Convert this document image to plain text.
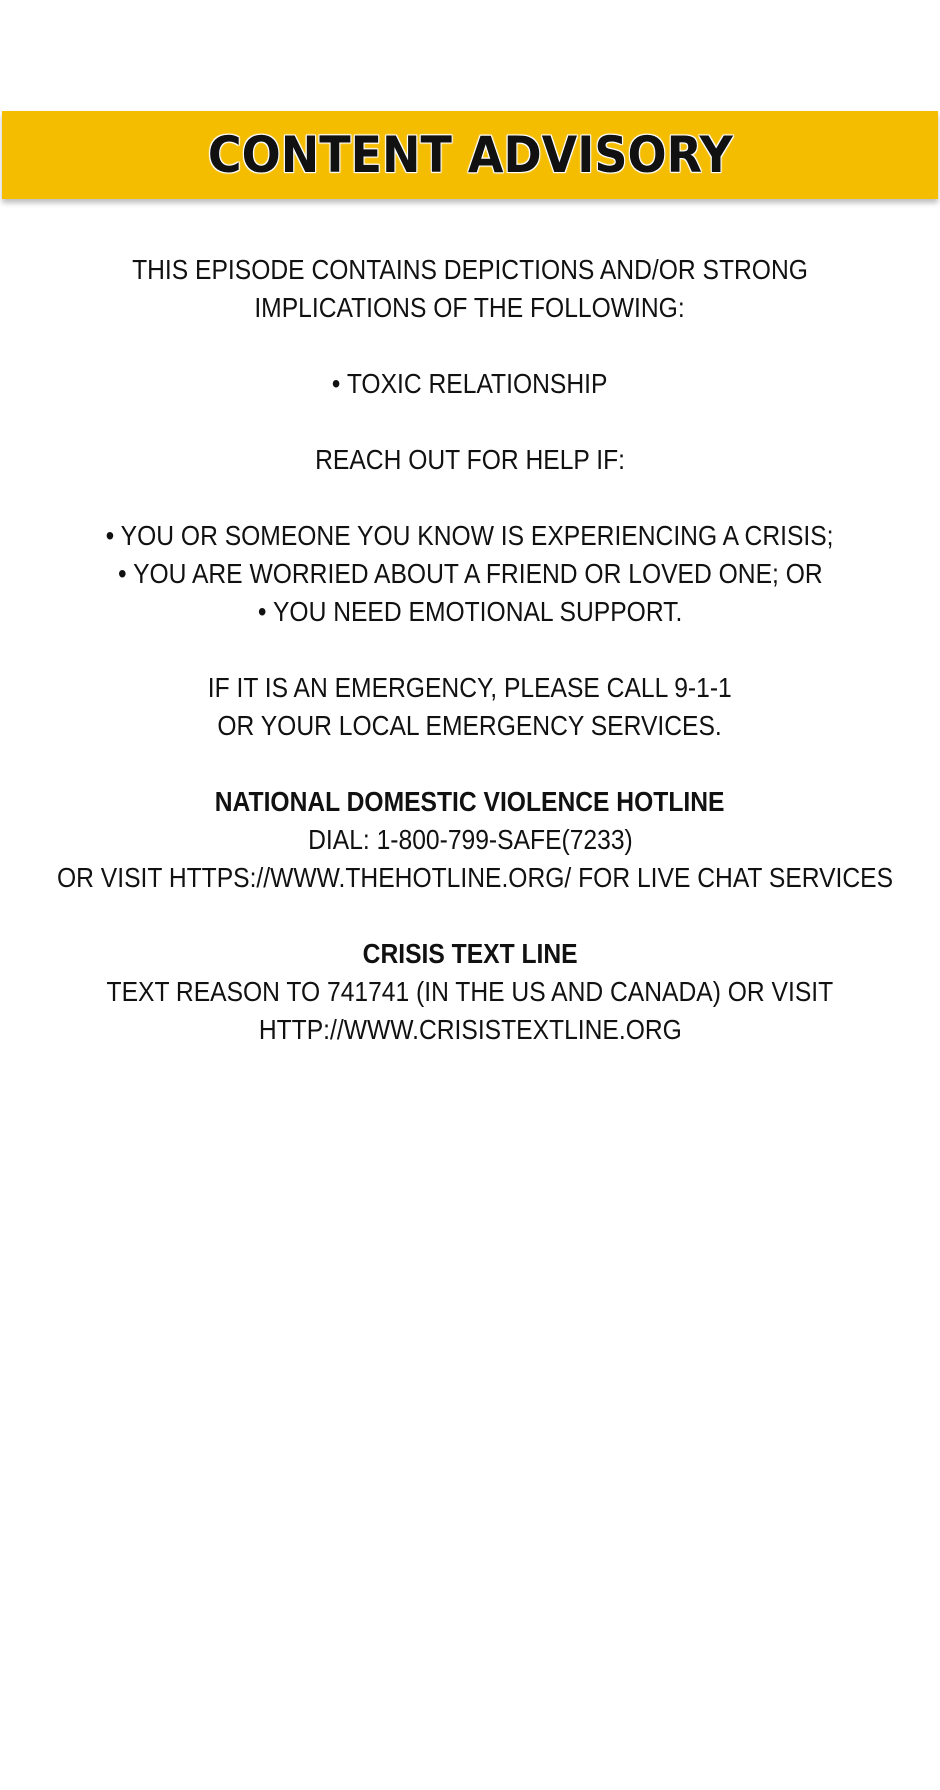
CONTENT ADVISORY
THIS EPISODE CONTAINS DEPICTIONS AND/OR STRONG
IMPLICATIONS OF THE FOLLOWING:
• TOXIC RELATIONSHIP
REACH OUT FOR HELP IF:
• YOU OR SOMEONE YOU KNOW IS EXPERIENCING A CRISIS;
• YOU ARE WORRIED ABOUT A FRIEND OR LOVED ONE; OR
• YOU NEED EMOTIONAL SUPPORT.
IF IT IS AN EMERGENCY, PLEASE CALL 9-1-1
OR YOUR LOCAL EMERGENCY SERVICES.
NATIONAL DOMESTIC VIOLENCE HOTLINE
DIAL: 1-800-799-SAFE(7233)
OR VISIT HTTPS://WWW.THEHOTLINE.ORG/ FOR LIVE CHAT SERVICES
CRISIS TEXT LINE
TEXT REASON TO 741741 (IN THE US AND CANADA) OR VISIT
HTTP://WWW.CRISISTEXTLINE.ORG
